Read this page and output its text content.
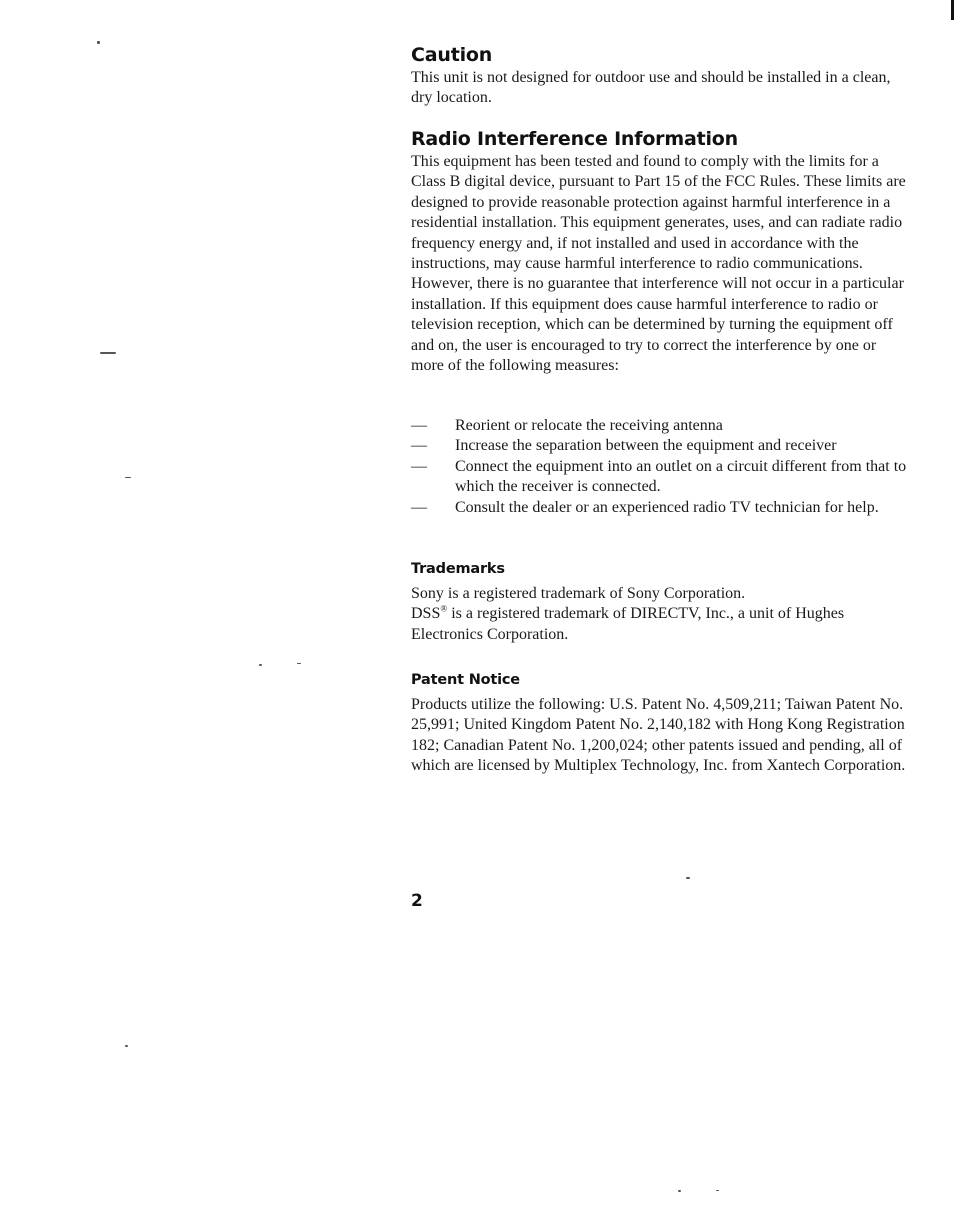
Caution

This unit is not designed for outdoor use and should be installed in a clean, dry location.

Radio Interference Information

This equipment has been tested and found to comply with the limits for a Class B digital device, pursuant to Part 15 of the FCC Rules. These limits are designed to provide reasonable protection against harmful interference in a residential installation. This equipment generates, uses, and can radiate radio frequency energy and, if not installed and used in accordance with the instructions, may cause harmful interference to radio communications. However, there is no guarantee that interference will not occur in a particular installation. If this equipment does cause harmful interference to radio or television reception, which can be determined by turning the equipment off and on, the user is encouraged to try to correct the interference by one or more of the following measures:

— Reorient or relocate the receiving antenna
— Increase the separation between the equipment and receiver
— Connect the equipment into an outlet on a circuit different from that to which the receiver is connected.
— Consult the dealer or an experienced radio TV technician for help.
Trademarks

Sony is a registered trademark of Sony Corporation.
DSS® is a registered trademark of DIRECTV, Inc., a unit of Hughes Electronics Corporation.

Patent Notice

Products utilize the following: U.S. Patent No. 4,509,211; Taiwan Patent No. 25,991; United Kingdom Patent No. 2,140,182 with Hong Kong Registration 182; Canadian Patent No. 1,200,024; other patents issued and pending, all of which are licensed by Multiplex Technology, Inc. from Xantech Corporation.

2
